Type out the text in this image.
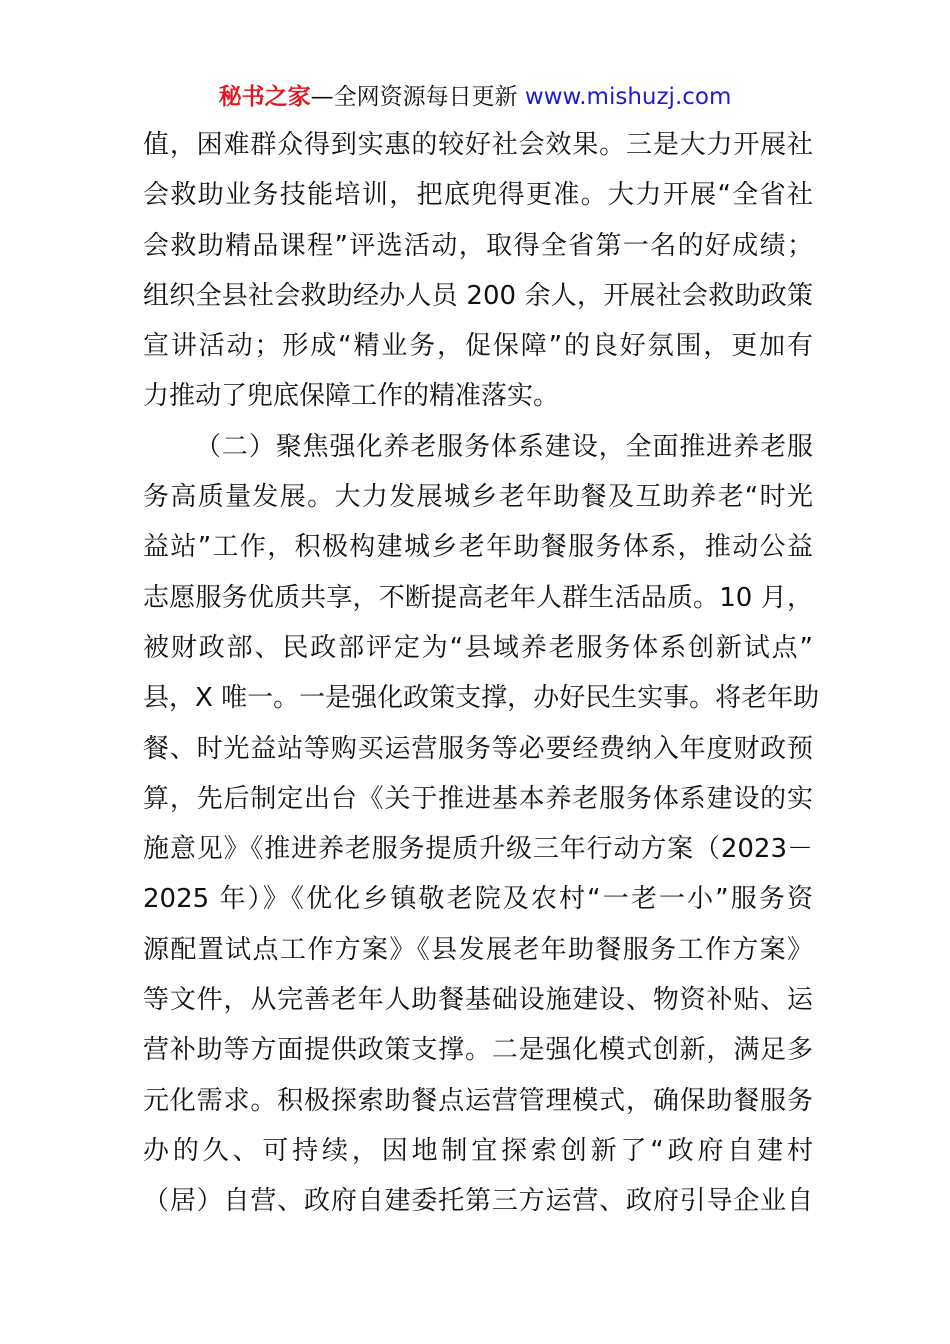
秘书之家—全网资源每日更新 www.mishuzj.com
值，困难群众得到实惠的较好社会效果。三是大力开展社
会救助业务技能培训，把底兜得更准。大力开展“全省社
会救助精品课程”评选活动，取得全省第一名的好成绩；
组织全县社会救助经办人员 200 余人，开展社会救助政策
宣讲活动；形成“精业务，促保障”的良好氛围，更加有
力推动了兜底保障工作的精准落实。
（二）聚焦强化养老服务体系建设，全面推进养老服
务高质量发展。大力发展城乡老年助餐及互助养老“时光
益站”工作，积极构建城乡老年助餐服务体系，推动公益
志愿服务优质共享，不断提高老年人群生活品质。10 月，
被财政部、民政部评定为“县域养老服务体系创新试点”
县，X 唯一。一是强化政策支撑，办好民生实事。将老年助
餐、时光益站等购买运营服务等必要经费纳入年度财政预
算，先后制定出台《关于推进基本养老服务体系建设的实
施意见》《推进养老服务提质升级三年行动方案（2023－
2025 年）》《优化乡镇敬老院及农村“一老一小”服务资
源配置试点工作方案》《县发展老年助餐服务工作方案》
等文件，从完善老年人助餐基础设施建设、物资补贴、运
营补助等方面提供政策支撑。二是强化模式创新，满足多
元化需求。积极探索助餐点运营管理模式，确保助餐服务
办的久、可持续，因地制宜探索创新了“政府自建村
（居）自营、政府自建委托第三方运营、政府引导企业自
